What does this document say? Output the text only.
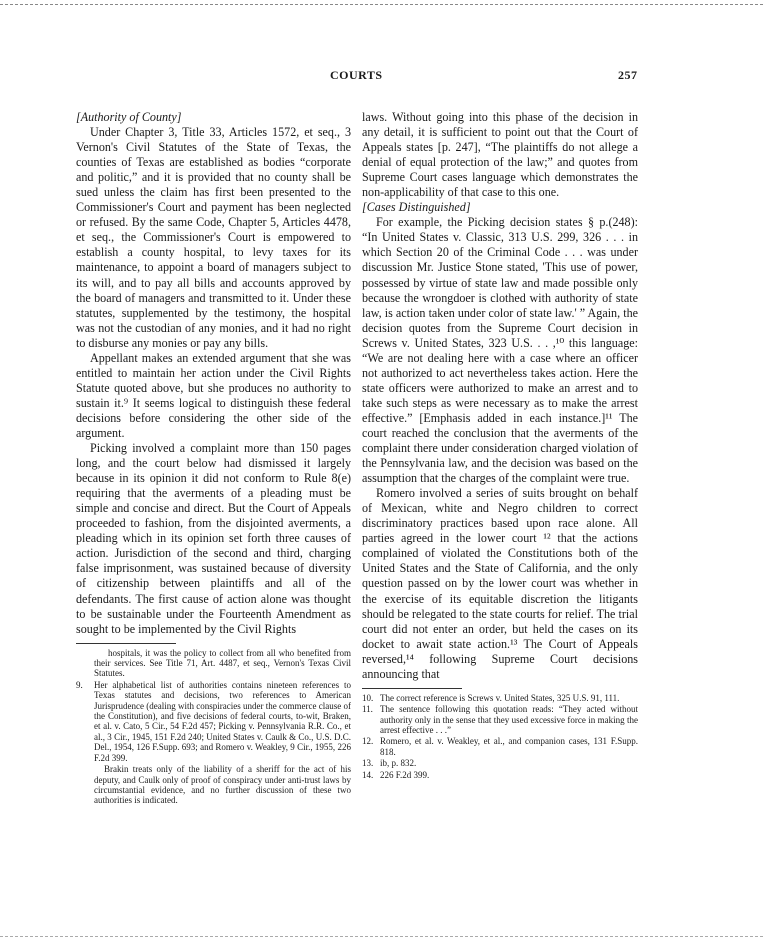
COURTS	257

[Authority of County]

Under Chapter 3, Title 33, Articles 1572, et seq., 3 Vernon's Civil Statutes of the State of Texas, the counties of Texas are established as bodies “corporate and politic,” and it is provided that no county shall be sued unless the claim has first been presented to the Commissioner's Court and payment has been neglected or refused. By the same Code, Chapter 5, Articles 4478, et seq., the Commissioner's Court is empowered to establish a county hospital, to levy taxes for its maintenance, to appoint a board of managers subject to its will, and to pay all bills and accounts approved by the board of managers and transmitted to it. Under these statutes, supplemented by the testimony, the hospital was not the custodian of any monies, and it had no right to disburse any monies or pay any bills.

Appellant makes an extended argument that she was entitled to maintain her action under the Civil Rights Statute quoted above, but she produces no authority to sustain it.⁹ It seems logical to distinguish these federal decisions before considering the other side of the argument.

Picking involved a complaint more than 150 pages long, and the court below had dismissed it largely because in its opinion it did not conform to Rule 8(e) requiring that the averments of a pleading must be simple and concise and direct. But the Court of Appeals proceeded to fashion, from the disjointed averments, a pleading which in its opinion set forth three causes of action. Jurisdiction of the second and third, charging false imprisonment, was sustained because of diversity of citizenship between plaintiffs and all of the defendants. The first cause of action alone was thought to be sustainable under the Fourteenth Amendment as sought to be implemented by the Civil Rights

hospitals, it was the policy to collect from all who benefited from their services. See Title 71, Art. 4487, et seq., Vernon's Texas Civil Statutes.

9. Her alphabetical list of authorities contains nineteen references to Texas statutes and decisions, two references to American Jurisprudence (dealing with conspiracies under the commerce clause of the Constitution), and five decisions of federal courts, to-wit, Braken, et al. v. Cato, 5 Cir., 54 F.2d 457; Picking v. Pennsylvania R.R. Co., et al., 3 Cir., 1945, 151 F.2d 240; United States v. Caulk & Co., U.S. D.C. Del., 1954, 126 F.Supp. 693; and Romero v. Weakley, 9 Cir., 1955, 226 F.2d 399.

Brakin treats only of the liability of a sheriff for the act of his deputy, and Caulk only of proof of conspiracy under anti-trust laws by circumstantial evidence, and no further discussion of these two authorities is indicated.

laws. Without going into this phase of the decision in any detail, it is sufficient to point out that the Court of Appeals states [p. 247], “The plaintiffs do not allege a denial of equal protection of the law;” and quotes from Supreme Court cases language which demonstrates the non-applicability of that case to this one.

[Cases Distinguished]

For example, the Picking decision states § p.(248): “In United States v. Classic, 313 U.S. 299, 326 . . . in which Section 20 of the Criminal Code . . . was under discussion Mr. Justice Stone stated, 'This use of power, possessed by virtue of state law and made possible only because the wrongdoer is clothed with authority of state law, is action taken under color of state law.' ” Again, the decision quotes from the Supreme Court decision in Screws v. United States, 323 U.S. . . ,¹⁰ this language: “We are not dealing here with a case where an officer not authorized to act nevertheless takes action. Here the state officers were authorized to make an arrest and to take such steps as were necessary as to make the arrest effective.” [Emphasis added in each instance.]¹¹ The court reached the conclusion that the averments of the complaint there under consideration charged violation of the Pennsylvania law, and the decision was based on the assumption that the charges of the complaint were true.

Romero involved a series of suits brought on behalf of Mexican, white and Negro children to correct discriminatory practices based upon race alone. All parties agreed in the lower court ¹² that the actions complained of violated the Constitutions both of the United States and the State of California, and the only question passed on by the lower court was whether in the exercise of its equitable discretion the litigants should be relegated to the state courts for relief. The trial court did not enter an order, but held the cases on its docket to await state action.¹³ The Court of Appeals reversed,¹⁴ following Supreme Court decisions announcing that

10. The correct reference is Screws v. United States, 325 U.S. 91, 111.

11. The sentence following this quotation reads: “They acted without authority only in the sense that they used excessive force in making the arrest effective . . .”

12. Romero, et al. v. Weakley, et al., and companion cases, 131 F.Supp. 818.

13. ib, p. 832.

14. 226 F.2d 399.
